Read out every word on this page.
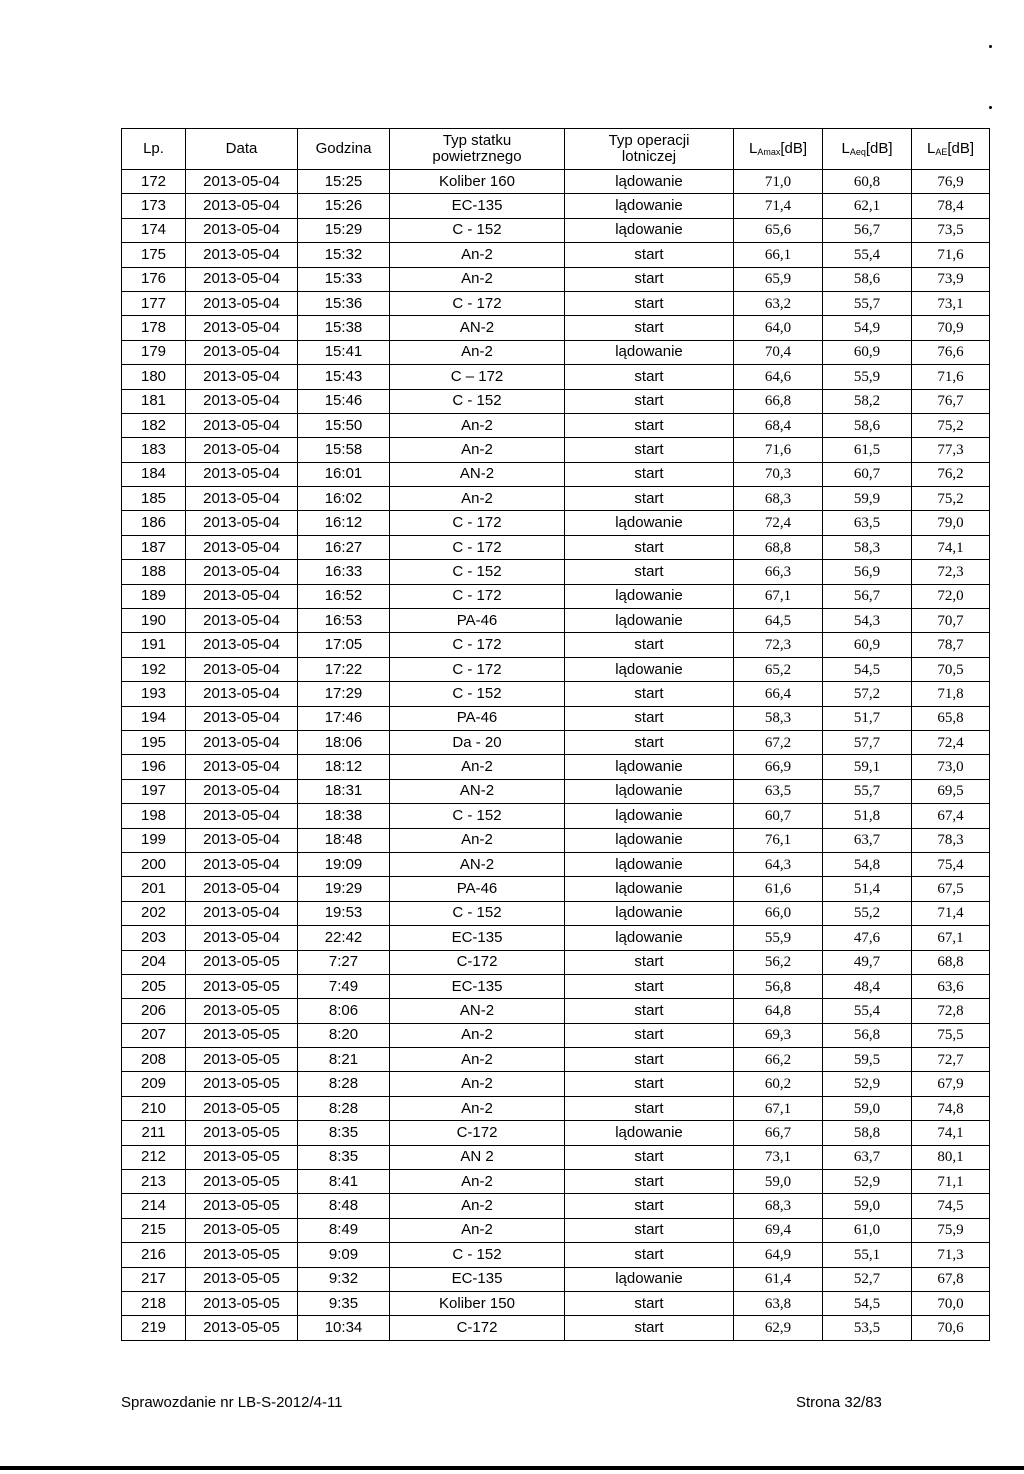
Lp.	Data	Godzina	Typ statku powietrznego	Typ operacji lotniczej	$L_{Amax}[dB]$	$L_{Aeq}[dB]$	$L_{AE}[dB]$
172	2013-05-04	15:25	Koliber 160	lądowanie	71,0	60,8	76,9
173	2013-05-04	15:26	EC-135	lądowanie	71,4	62,1	78,4
174	2013-05-04	15:29	C - 152	lądowanie	65,6	56,7	73,5
175	2013-05-04	15:32	An-2	start	66,1	55,4	71,6
176	2013-05-04	15:33	An-2	start	65,9	58,6	73,9
177	2013-05-04	15:36	C - 172	start	63,2	55,7	73,1
178	2013-05-04	15:38	AN-2	start	64,0	54,9	70,9
179	2013-05-04	15:41	An-2	lądowanie	70,4	60,9	76,6
180	2013-05-04	15:43	C – 172	start	64,6	55,9	71,6
181	2013-05-04	15:46	C - 152	start	66,8	58,2	76,7
182	2013-05-04	15:50	An-2	start	68,4	58,6	75,2
183	2013-05-04	15:58	An-2	start	71,6	61,5	77,3
184	2013-05-04	16:01	AN-2	start	70,3	60,7	76,2
185	2013-05-04	16:02	An-2	start	68,3	59,9	75,2
186	2013-05-04	16:12	C - 172	lądowanie	72,4	63,5	79,0
187	2013-05-04	16:27	C - 172	start	68,8	58,3	74,1
188	2013-05-04	16:33	C - 152	start	66,3	56,9	72,3
189	2013-05-04	16:52	C - 172	lądowanie	67,1	56,7	72,0
190	2013-05-04	16:53	PA-46	lądowanie	64,5	54,3	70,7
191	2013-05-04	17:05	C - 172	start	72,3	60,9	78,7
192	2013-05-04	17:22	C - 172	lądowanie	65,2	54,5	70,5
193	2013-05-04	17:29	C - 152	start	66,4	57,2	71,8
194	2013-05-04	17:46	PA-46	start	58,3	51,7	65,8
195	2013-05-04	18:06	Da - 20	start	67,2	57,7	72,4
196	2013-05-04	18:12	An-2	lądowanie	66,9	59,1	73,0
197	2013-05-04	18:31	AN-2	lądowanie	63,5	55,7	69,5
198	2013-05-04	18:38	C - 152	lądowanie	60,7	51,8	67,4
199	2013-05-04	18:48	An-2	lądowanie	76,1	63,7	78,3
200	2013-05-04	19:09	AN-2	lądowanie	64,3	54,8	75,4
201	2013-05-04	19:29	PA-46	lądowanie	61,6	51,4	67,5
202	2013-05-04	19:53	C - 152	lądowanie	66,0	55,2	71,4
203	2013-05-04	22:42	EC-135	lądowanie	55,9	47,6	67,1
204	2013-05-05	7:27	C-172	start	56,2	49,7	68,8
205	2013-05-05	7:49	EC-135	start	56,8	48,4	63,6
206	2013-05-05	8:06	AN-2	start	64,8	55,4	72,8
207	2013-05-05	8:20	An-2	start	69,3	56,8	75,5
208	2013-05-05	8:21	An-2	start	66,2	59,5	72,7
209	2013-05-05	8:28	An-2	start	60,2	52,9	67,9
210	2013-05-05	8:28	An-2	start	67,1	59,0	74,8
211	2013-05-05	8:35	C-172	lądowanie	66,7	58,8	74,1
212	2013-05-05	8:35	AN 2	start	73,1	63,7	80,1
213	2013-05-05	8:41	An-2	start	59,0	52,9	71,1
214	2013-05-05	8:48	An-2	start	68,3	59,0	74,5
215	2013-05-05	8:49	An-2	start	69,4	61,0	75,9
216	2013-05-05	9:09	C - 152	start	64,9	55,1	71,3
217	2013-05-05	9:32	EC-135	lądowanie	61,4	52,7	67,8
218	2013-05-05	9:35	Koliber 150	start	63,8	54,5	70,0
219	2013-05-05	10:34	C-172	start	62,9	53,5	70,6
Sprawozdanie nr LB-S-2012/4-11	Strona 32/83
